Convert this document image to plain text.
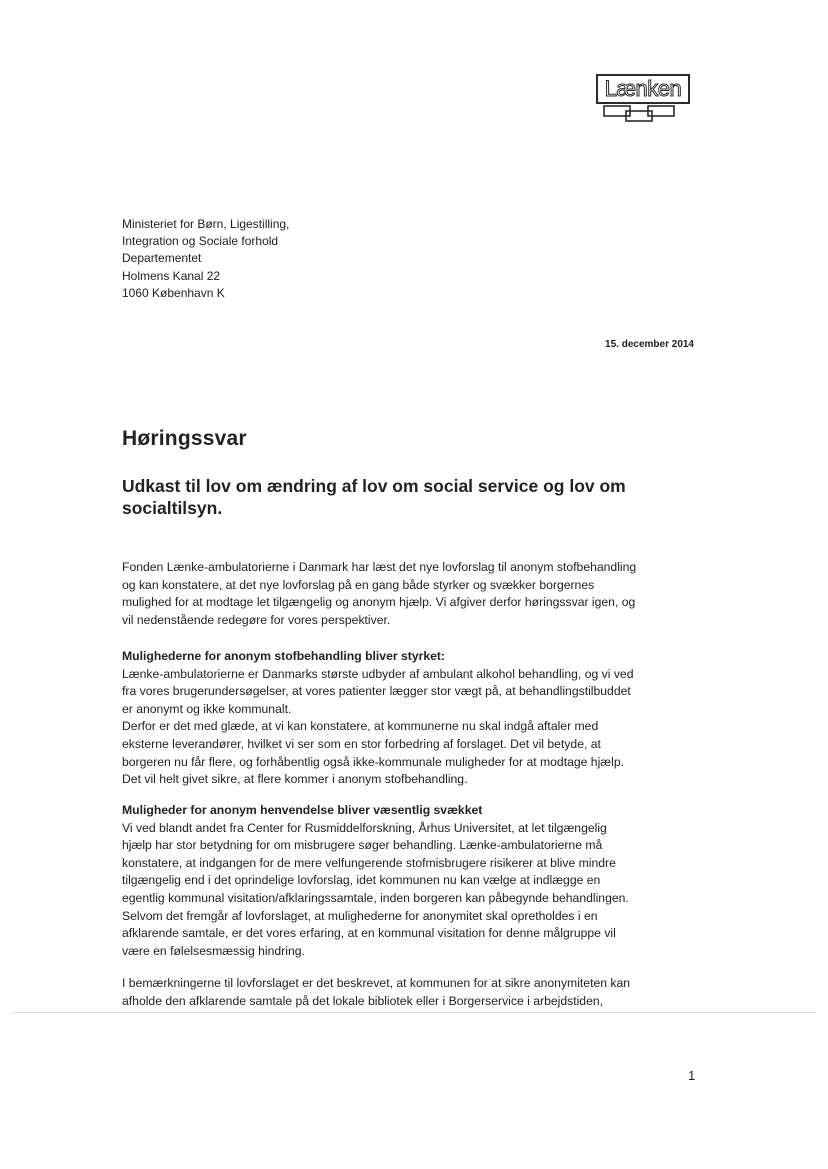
Lænken
Ministeriet for Børn, Ligestilling,
Integration og Sociale forhold
Departementet
Holmens Kanal 22
1060 København K
15. december 2014
Høringssvar
Udkast til lov om ændring af lov om social service og lov om socialtilsyn.
Fonden Lænke-ambulatorierne i Danmark har læst det nye lovforslag til anonym stofbehandling
og kan konstatere, at det nye lovforslag på en gang både styrker og svækker borgernes
mulighed for at modtage let tilgængelig og anonym hjælp. Vi afgiver derfor høringssvar igen, og
vil nedenstående redegøre for vores perspektiver.
Mulighederne for anonym stofbehandling bliver styrket:
Lænke-ambulatorierne er Danmarks største udbyder af ambulant alkohol behandling, og vi ved
fra vores brugerundersøgelser, at vores patienter lægger stor vægt på, at behandlingstilbuddet
er anonymt og ikke kommunalt.
Derfor er det med glæde, at vi kan konstatere, at kommunerne nu skal indgå aftaler med
eksterne leverandører, hvilket vi ser som en stor forbedring af forslaget. Det vil betyde, at
borgeren nu får flere, og forhåbentlig også ikke-kommunale muligheder for at modtage hjælp.
Det vil helt givet sikre, at flere kommer i anonym stofbehandling.
Muligheder for anonym henvendelse bliver væsentlig svækket
Vi ved blandt andet fra Center for Rusmiddelforskning, Århus Universitet, at let tilgængelig
hjælp har stor betydning for om misbrugere søger behandling. Lænke-ambulatorierne må
konstatere, at indgangen for de mere velfungerende stofmisbrugere risikerer at blive mindre
tilgængelig end i det oprindelige lovforslag, idet kommunen nu kan vælge at indlægge en
egentlig kommunal visitation/afklaringssamtale, inden borgeren kan påbegynde behandlingen.
Selvom det fremgår af lovforslaget, at mulighederne for anonymitet skal opretholdes i en
afklarende samtale, er det vores erfaring, at en kommunal visitation for denne målgruppe vil
være en følelsesmæssig hindring.
I bemærkningerne til lovforslaget er det beskrevet, at kommunen for at sikre anonymiteten kan
afholde den afklarende samtale på det lokale bibliotek eller i Borgerservice i arbejdstiden,
1
